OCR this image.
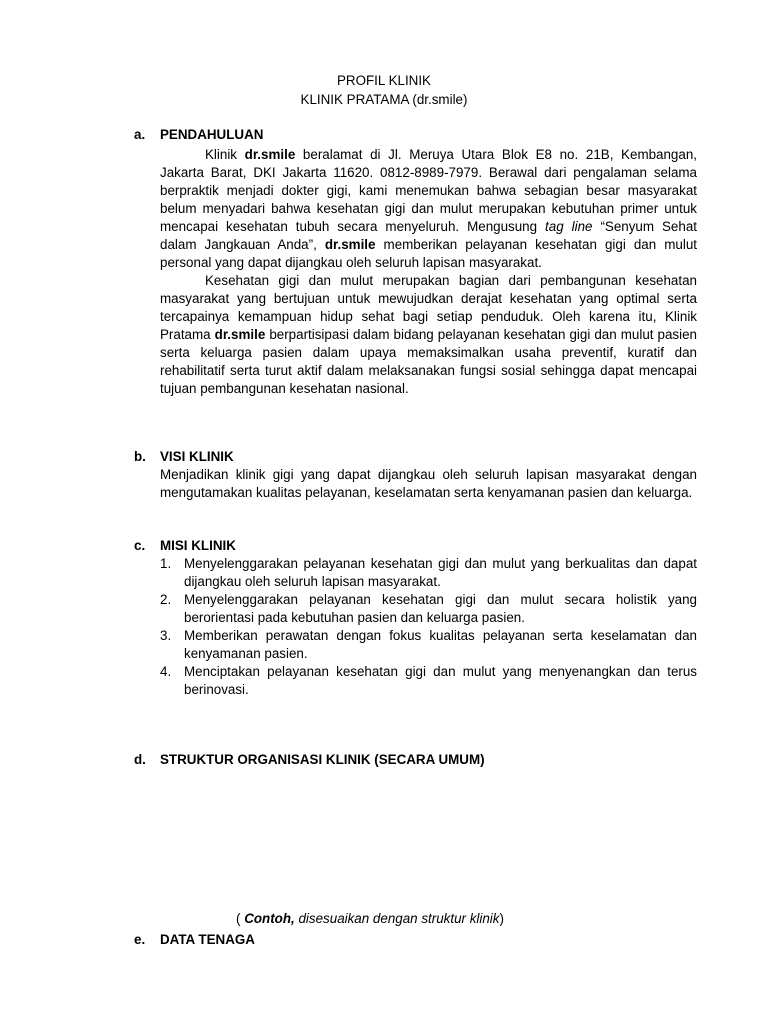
PROFIL KLINIK
KLINIK PRATAMA (dr.smile)
a. PENDAHULUAN

Klinik dr.smile beralamat di Jl. Meruya Utara Blok E8 no. 21B, Kembangan, Jakarta Barat, DKI Jakarta 11620. 0812-8989-7979. Berawal dari pengalaman selama berpraktik menjadi dokter gigi, kami menemukan bahwa sebagian besar masyarakat belum menyadari bahwa kesehatan gigi dan mulut merupakan kebutuhan primer untuk mencapai kesehatan tubuh secara menyeluruh. Mengusung tag line “Senyum Sehat dalam Jangkauan Anda”, dr.smile memberikan pelayanan kesehatan gigi dan mulut personal yang dapat dijangkau oleh seluruh lapisan masyarakat.

Kesehatan gigi dan mulut merupakan bagian dari pembangunan kesehatan masyarakat yang bertujuan untuk mewujudkan derajat kesehatan yang optimal serta tercapainya kemampuan hidup sehat bagi setiap penduduk. Oleh karena itu, Klinik Pratama dr.smile berpartisipasi dalam bidang pelayanan kesehatan gigi dan mulut pasien serta keluarga pasien dalam upaya memaksimalkan usaha preventif, kuratif dan rehabilitatif serta turut aktif dalam melaksanakan fungsi sosial sehingga dapat mencapai tujuan pembangunan kesehatan nasional.

b. VISI KLINIK
Menjadikan klinik gigi yang dapat dijangkau oleh seluruh lapisan masyarakat dengan mengutamakan kualitas pelayanan, keselamatan serta kenyamanan pasien dan keluarga.
c. MISI KLINIK
1. Menyelenggarakan pelayanan kesehatan gigi dan mulut yang berkualitas dan dapat dijangkau oleh seluruh lapisan masyarakat.
2. Menyelenggarakan pelayanan kesehatan gigi dan mulut secara holistik yang berorientasi pada kebutuhan pasien dan keluarga pasien.
3. Memberikan perawatan dengan fokus kualitas pelayanan serta keselamatan dan kenyamanan pasien.
4. Menciptakan pelayanan kesehatan gigi dan mulut yang menyenangkan dan terus berinovasi.
d. STRUKTUR ORGANISASI KLINIK (SECARA UMUM)
( Contoh, disesuaikan dengan struktur klinik)
e. DATA TENAGA
